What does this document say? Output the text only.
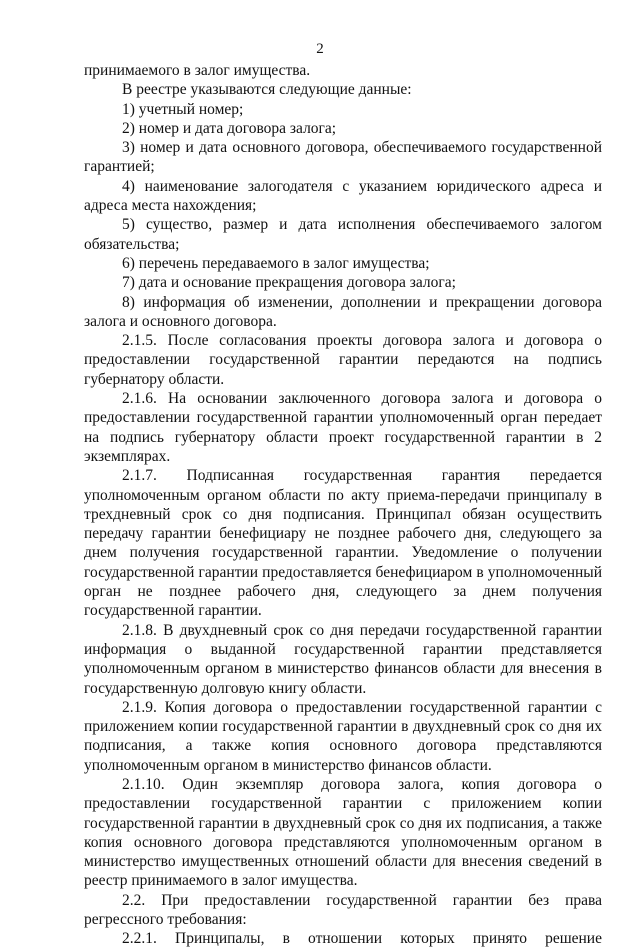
2

принимаемого в залог имущества.

В реестре указываются следующие данные:

1) учетный номер;

2) номер и дата договора залога;

3) номер и дата основного договора, обеспечиваемого государственной гарантией;

4) наименование залогодателя с указанием юридического адреса и адреса места нахождения;

5) существо, размер и дата исполнения обеспечиваемого залогом обязательства;

6) перечень передаваемого в залог имущества;

7) дата и основание прекращения договора залога;

8) информация об изменении, дополнении и прекращении договора залога и основного договора.

2.1.5. После согласования проекты договора залога и договора о предоставлении государственной гарантии передаются на подпись губернатору области.

2.1.6. На основании заключенного договора залога и договора о предоставлении государственной гарантии уполномоченный орган передает на подпись губернатору области проект государственной гарантии в 2 экземплярах.

2.1.7. Подписанная государственная гарантия передается уполномоченным органом области по акту приема-передачи принципалу в трехдневный срок со дня подписания. Принципал обязан осуществить передачу гарантии бенефициару не позднее рабочего дня, следующего за днем получения государственной гарантии. Уведомление о получении государственной гарантии предоставляется бенефициаром в уполномоченный орган не позднее рабочего дня, следующего за днем получения государственной гарантии.

2.1.8. В двухдневный срок со дня передачи государственной гарантии информация о выданной государственной гарантии представляется уполномоченным органом в министерство финансов области для внесения в государственную долговую книгу области.

2.1.9. Копия договора о предоставлении государственной гарантии с приложением копии государственной гарантии в двухдневный срок со дня их подписания, а также копия основного договора представляются уполномоченным органом в министерство финансов области.

2.1.10. Один экземпляр договора залога, копия договора о предоставлении государственной гарантии с приложением копии государственной гарантии в двухдневный срок со дня их подписания, а также копия основного договора представляются уполномоченным органом в министерство имущественных отношений области для внесения сведений в реестр принимаемого в залог имущества.

2.2. При предоставлении государственной гарантии без права регрессного требования:

2.2.1. Принципалы, в отношении которых принято решение
